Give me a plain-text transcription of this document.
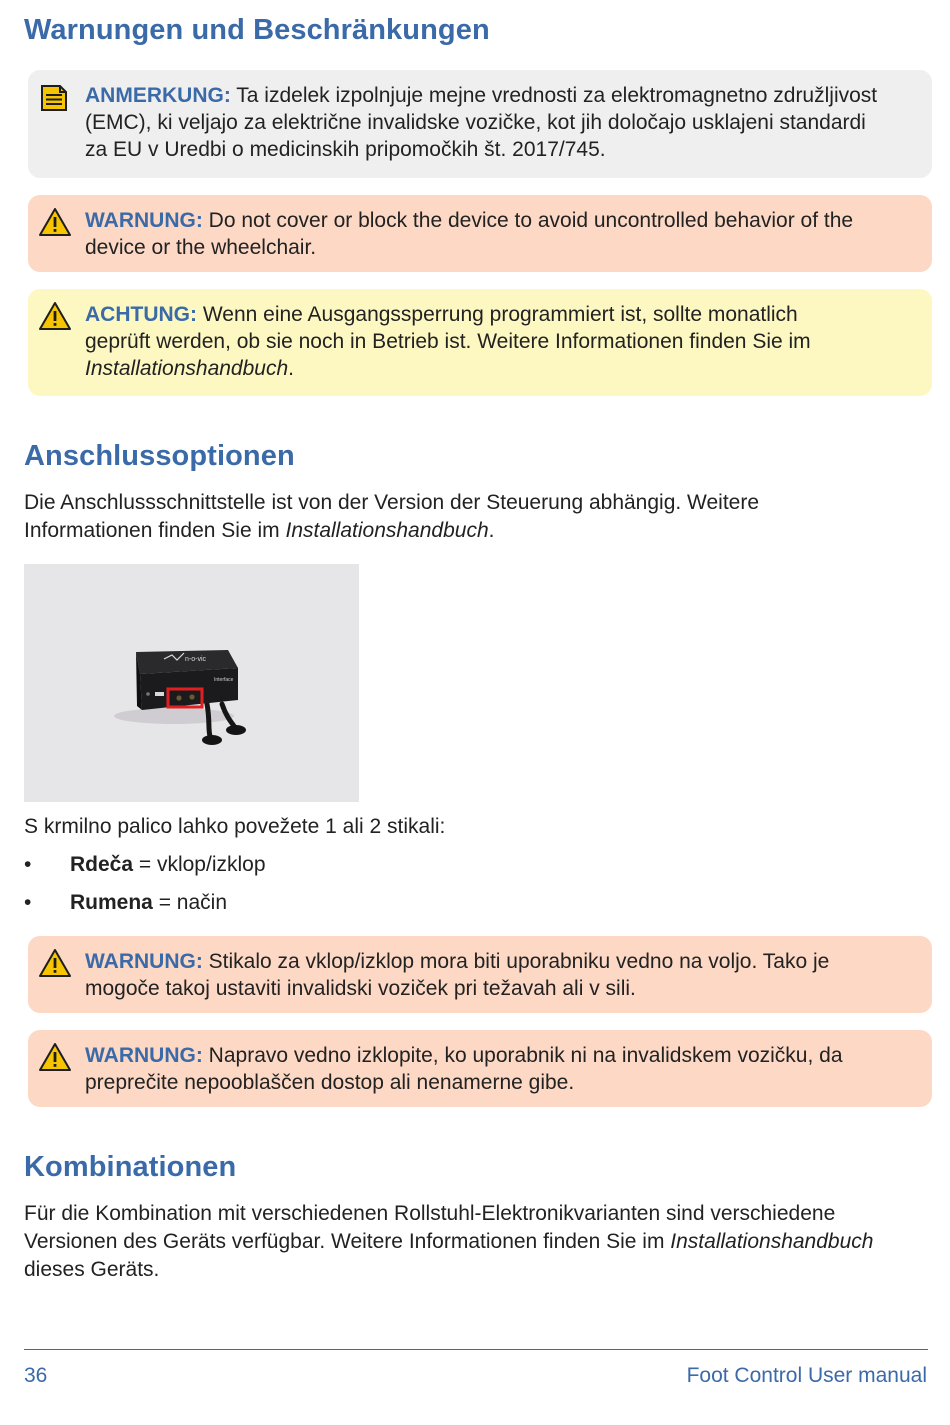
Warnungen und Beschränkungen
ANMERKUNG: Ta izdelek izpolnjuje mejne vrednosti za elektromagnetno združljivost
(EMC), ki veljajo za električne invalidske vozičke, kot jih določajo usklajeni standardi
za EU v Uredbi o medicinskih pripomočkih št. 2017/745.
WARNUNG: Do not cover or block the device to avoid uncontrolled behavior of the
device or the wheelchair.
ACHTUNG: Wenn eine Ausgangssperrung programmiert ist, sollte monatlich
geprüft werden, ob sie noch in Betrieb ist. Weitere Informationen finden Sie im
Installationshandbuch.
Anschlussoptionen

Die Anschlussschnittstelle ist von der Version der Steuerung abhängig. Weitere
Informationen finden Sie im Installationshandbuch.

n-o-vic
Interface

S krmilno palico lahko povežete 1 ali 2 stikali:

• Rdeča = vklop/izklop
• Rumena = način
WARNUNG: Stikalo za vklop/izklop mora biti uporabniku vedno na voljo. Tako je
mogoče takoj ustaviti invalidski voziček pri težavah ali v sili.
WARNUNG: Napravo vedno izklopite, ko uporabnik ni na invalidskem vozičku, da
preprečite nepooblaščen dostop ali nenamerne gibe.
Kombinationen

Für die Kombination mit verschiedenen Rollstuhl-Elektronikvarianten sind verschiedene
Versionen des Geräts verfügbar. Weitere Informationen finden Sie im Installationshandbuch
dieses Geräts.

36	Foot Control User manual
